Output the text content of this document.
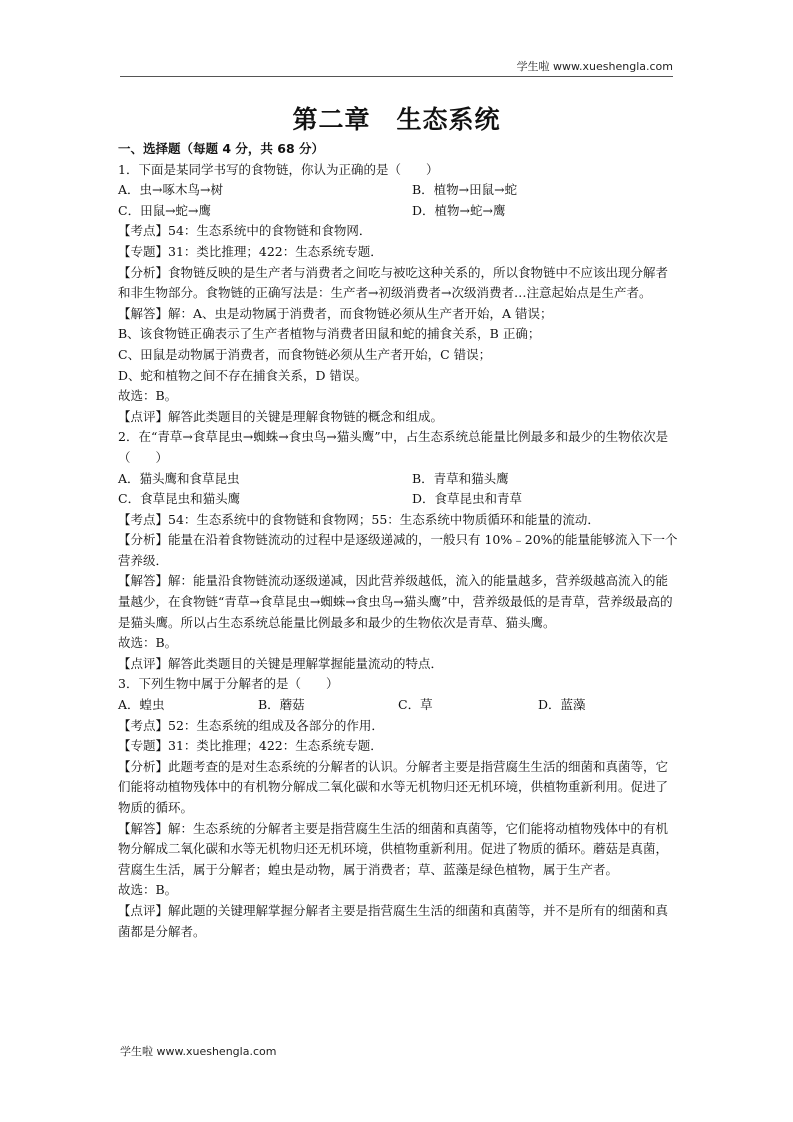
学生啦 www.xueshengla.com
第二章　生态系统

一、选择题（每题 4 分，共 68 分）

1．下面是某同学书写的食物链，你认为正确的是（　　）

A．虫→啄木鸟→树	B．植物→田鼠→蛇
C．田鼠→蛇→鹰	D．植物→蛇→鹰

【考点】54：生态系统中的食物链和食物网．

【专题】31：类比推理；422：生态系统专题．

【分析】食物链反映的是生产者与消费者之间吃与被吃这种关系的，所以食物链中不应该出现分解者和非生物部分。食物链的正确写法是：生产者→初级消费者→次级消费者…注意起始点是生产者。

【解答】解：A、虫是动物属于消费者，而食物链必须从生产者开始，A 错误；

B、该食物链正确表示了生产者植物与消费者田鼠和蛇的捕食关系，B 正确；

C、田鼠是动物属于消费者，而食物链必须从生产者开始，C 错误；

D、蛇和植物之间不存在捕食关系，D 错误。

故选：B。

【点评】解答此类题目的关键是理解食物链的概念和组成。

2．在“青草→食草昆虫→蜘蛛→食虫鸟→猫头鹰”中，占生态系统总能量比例最多和最少的生物依次是（　　）

A．猫头鹰和食草昆虫	B．青草和猫头鹰
C．食草昆虫和猫头鹰	D．食草昆虫和青草

【考点】54：生态系统中的食物链和食物网；55：生态系统中物质循环和能量的流动．

【分析】能量在沿着食物链流动的过程中是逐级递减的，一般只有 10%﹣20%的能量能够流入下一个营养级．

【解答】解：能量沿食物链流动逐级递减，因此营养级越低，流入的能量越多，营养级越高流入的能量越少，在食物链“青草→食草昆虫→蜘蛛→食虫鸟→猫头鹰”中，营养级最低的是青草，营养级最高的是猫头鹰。所以占生态系统总能量比例最多和最少的生物依次是青草、猫头鹰。

故选：B。

【点评】解答此类题目的关键是理解掌握能量流动的特点．

3．下列生物中属于分解者的是（　　）

A．蝗虫	B．蘑菇	C．草	D．蓝藻

【考点】52：生态系统的组成及各部分的作用．

【专题】31：类比推理；422：生态系统专题．

【分析】此题考查的是对生态系统的分解者的认识。分解者主要是指营腐生生活的细菌和真菌等，它们能将动植物残体中的有机物分解成二氧化碳和水等无机物归还无机环境，供植物重新利用。促进了物质的循环。

【解答】解：生态系统的分解者主要是指营腐生生活的细菌和真菌等，它们能将动植物残体中的有机物分解成二氧化碳和水等无机物归还无机环境，供植物重新利用。促进了物质的循环。蘑菇是真菌，营腐生生活，属于分解者；蝗虫是动物，属于消费者；草、蓝藻是绿色植物，属于生产者。

故选：B。

【点评】解此题的关键理解掌握分解者主要是指营腐生生活的细菌和真菌等，并不是所有的细菌和真菌都是分解者。

学生啦 www.xueshengla.com
